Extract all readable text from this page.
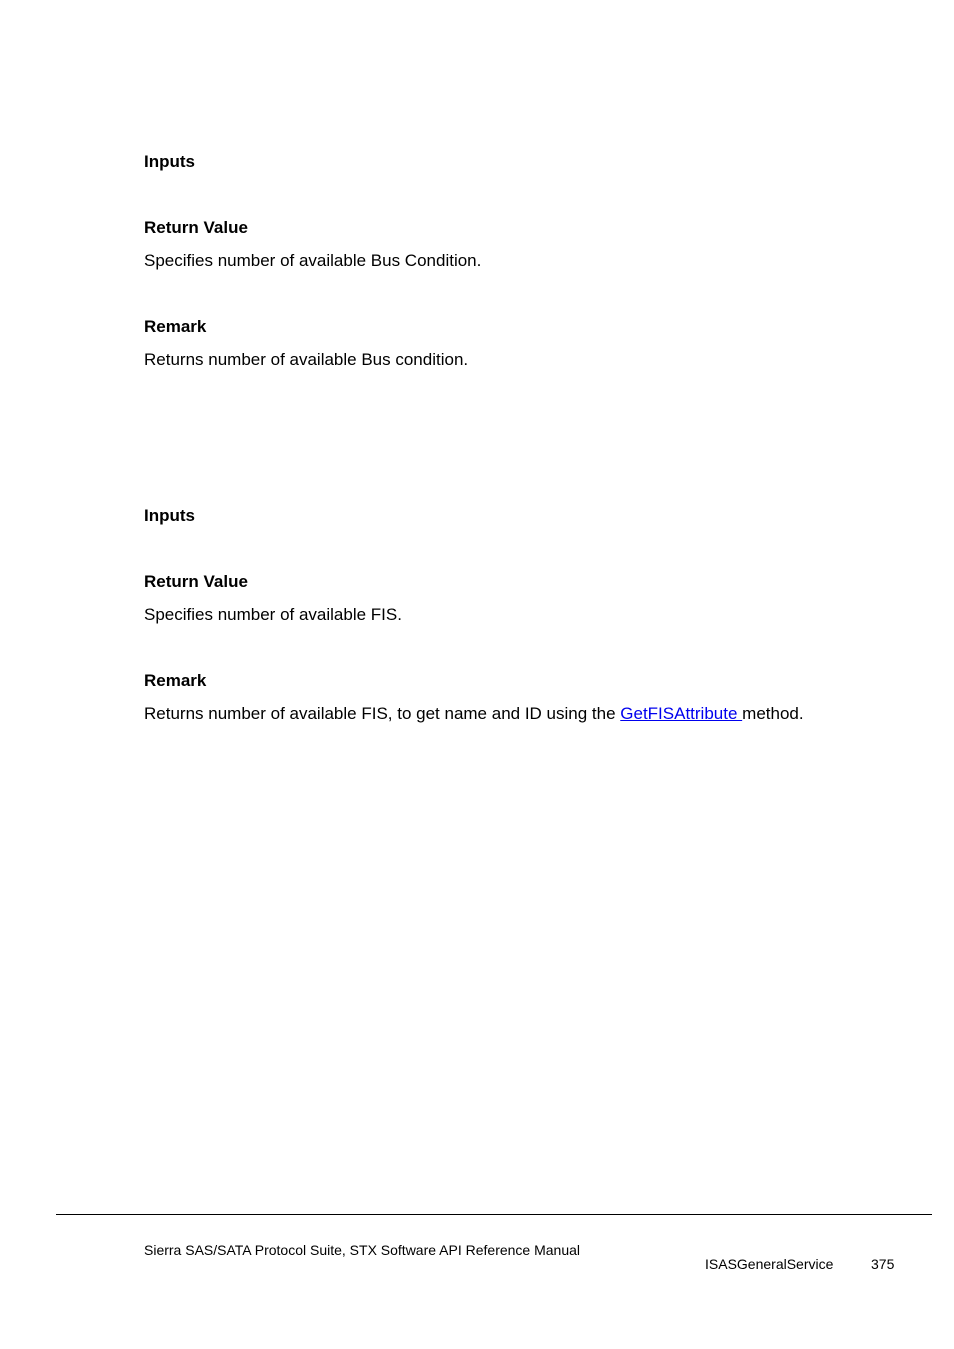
Inputs
Return Value
Specifies number of available Bus Condition.
Remark
Returns number of available Bus condition.
Inputs
Return Value
Specifies number of available FIS.
Remark
Returns number of available FIS, to get name and ID using the GetFISAttribute method.
Sierra SAS/SATA Protocol Suite, STX Software API Reference Manual
ISASGeneralService	375
